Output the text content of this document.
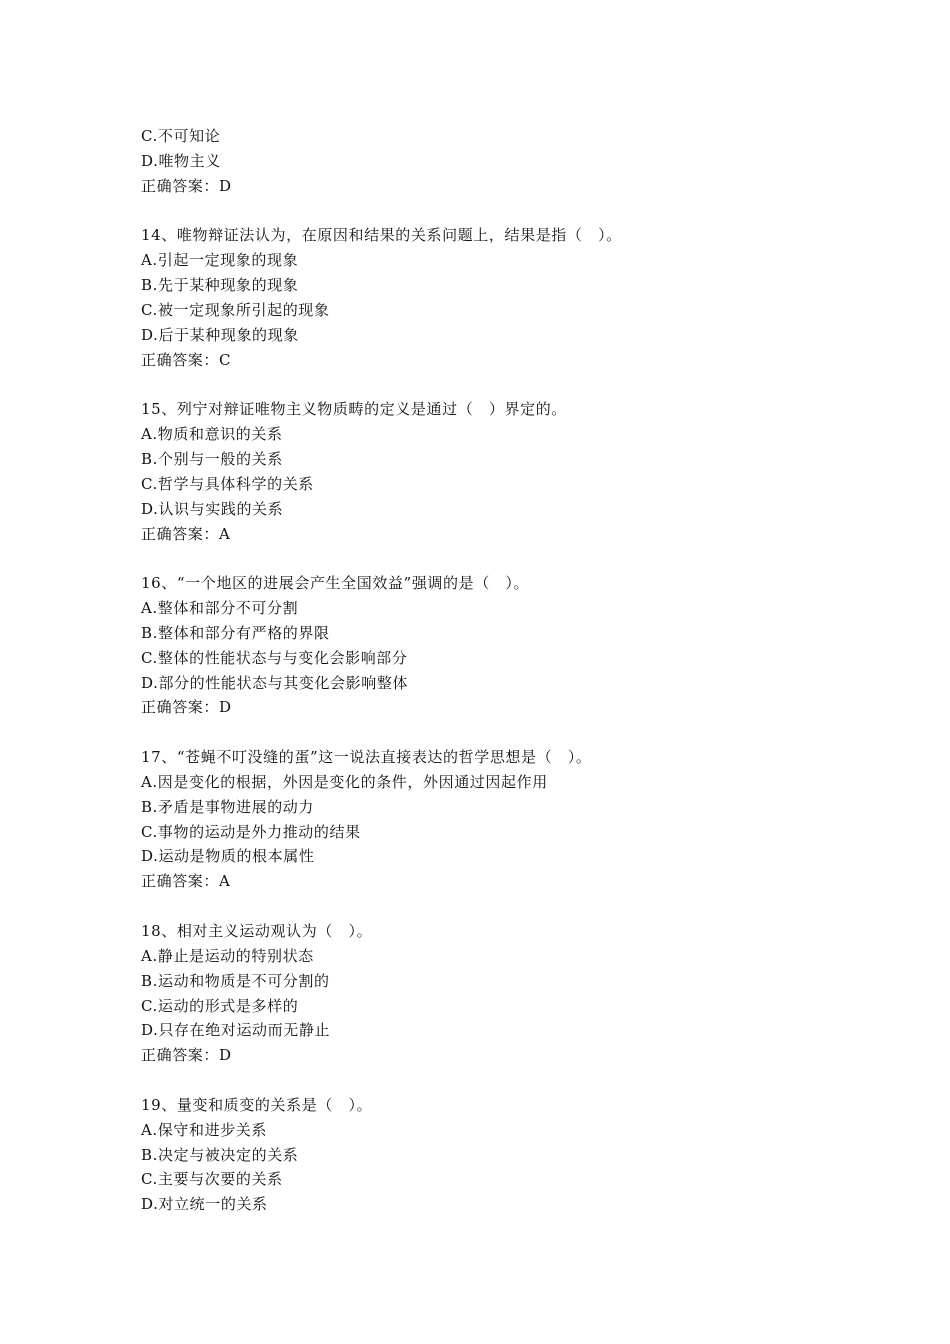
C.不可知论
D.唯物主义
正确答案：D
14、唯物辩证法认为，在原因和结果的关系问题上，结果是指（　）。
A.引起一定现象的现象
B.先于某种现象的现象
C.被一定现象所引起的现象
D.后于某种现象的现象
正确答案：C
15、列宁对辩证唯物主义物质畴的定义是通过（　）界定的。
A.物质和意识的关系
B.个别与一般的关系
C.哲学与具体科学的关系
D.认识与实践的关系
正确答案：A
16、“一个地区的进展会产生全国效益”强调的是（　）。
A.整体和部分不可分割
B.整体和部分有严格的界限
C.整体的性能状态与与变化会影响部分
D.部分的性能状态与其变化会影响整体
正确答案：D
17、“苍蝇不叮没缝的蛋”这一说法直接表达的哲学思想是（　）。
A.因是变化的根据，外因是变化的条件，外因通过因起作用
B.矛盾是事物进展的动力
C.事物的运动是外力推动的结果
D.运动是物质的根本属性
正确答案：A
18、相对主义运动观认为（　）。
A.静止是运动的特别状态
B.运动和物质是不可分割的
C.运动的形式是多样的
D.只存在绝对运动而无静止
正确答案：D
19、量变和质变的关系是（　）。
A.保守和进步关系
B.决定与被决定的关系
C.主要与次要的关系
D.对立统一的关系
